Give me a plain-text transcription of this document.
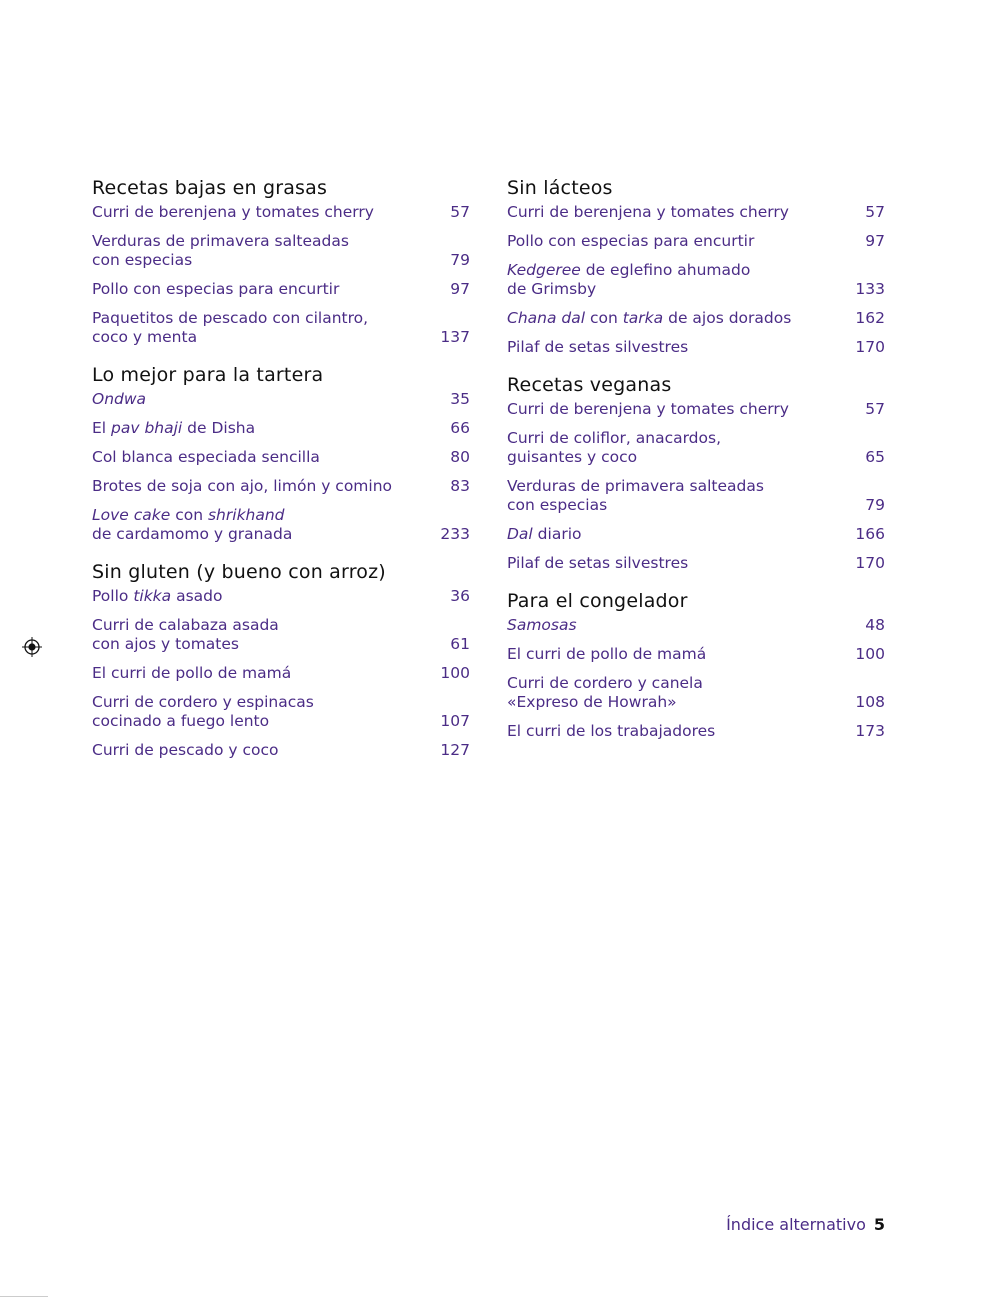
Recetas bajas en grasas
Curri de berenjena y tomates cherry	57
Verduras de primavera salteadas
con especias	79
Pollo con especias para encurtir	97
Paquetitos de pescado con cilantro,
coco y menta	137
Lo mejor para la tartera
Ondwa	35
El pav bhaji de Disha	66
Col blanca especiada sencilla	80
Brotes de soja con ajo, limón y comino	83
Love cake con shrikhand
de cardamomo y granada	233
Sin gluten (y bueno con arroz)
Pollo tikka asado	36
Curri de calabaza asada
con ajos y tomates	61
El curri de pollo de mamá	100
Curri de cordero y espinacas
cocinado a fuego lento	107
Curri de pescado y coco	127
Sin lácteos
Curri de berenjena y tomates cherry	57
Pollo con especias para encurtir	97
Kedgeree de eglefino ahumado
de Grimsby	133
Chana dal con tarka de ajos dorados	162
Pilaf de setas silvestres	170
Recetas veganas
Curri de berenjena y tomates cherry	57
Curri de coliflor, anacardos,
guisantes y coco	65
Verduras de primavera salteadas
con especias	79
Dal diario	166
Pilaf de setas silvestres	170
Para el congelador
Samosas	48
El curri de pollo de mamá	100
Curri de cordero y canela
«Expreso de Howrah»	108
El curri de los trabajadores	173
Índice alternativo 5
